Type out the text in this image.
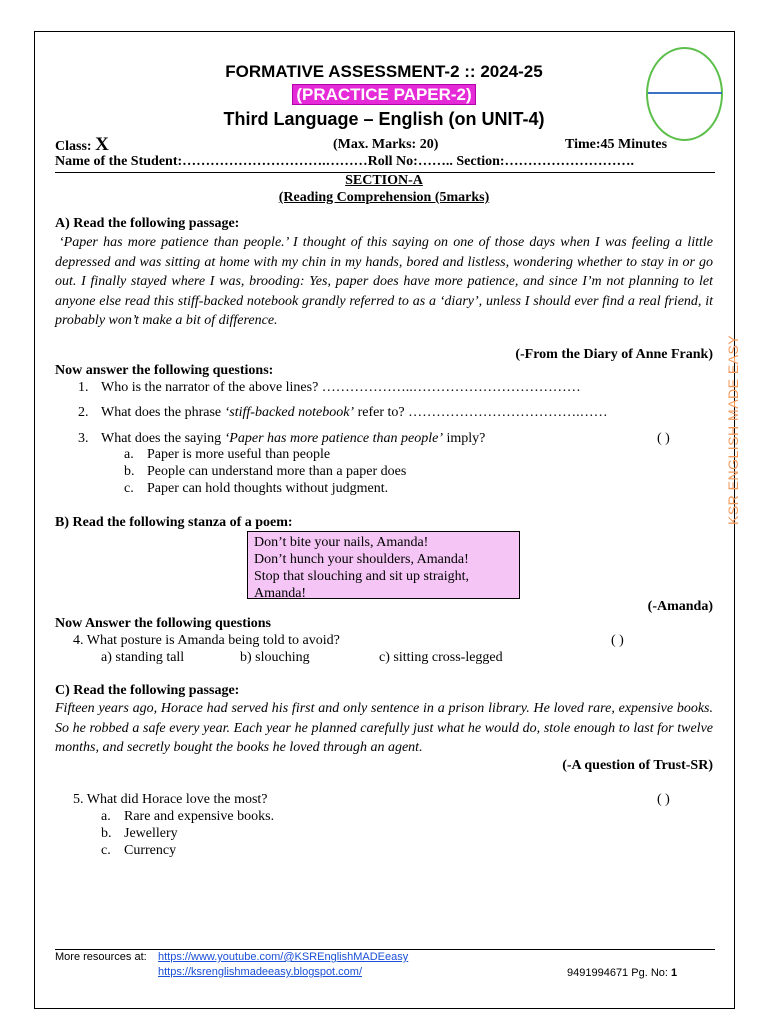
FORMATIVE ASSESSMENT-2 :: 2024-25
(PRACTICE PAPER-2)
Third Language – English (on UNIT-4)
Class: X	(Max. Marks: 20)	Time:45 Minutes
Name of the Student:………………………….………Roll No:…….. Section:……………………….
SECTION-A
(Reading Comprehension (5marks)
A) Read the following passage:
‘Paper has more patience than people.’ I thought of this saying on one of those days when I was feeling a little depressed and was sitting at home with my chin in my hands, bored and listless, wondering whether to stay in or go out. I finally stayed where I was, brooding: Yes, paper does have more patience, and since I’m not planning to let anyone else read this stiff-backed notebook grandly referred to as a ‘diary’, unless I should ever find a real friend, it probably won’t make a bit of difference.
(-From the Diary of Anne Frank)
Now answer the following questions:
1. Who is the narrator of the above lines? ………………..………………………………
2. What does the phrase ‘stiff-backed notebook’ refer to? ……………………………….……
3. What does the saying ‘Paper has more patience than people’ imply?	( )
a. Paper is more useful than people
b. People can understand more than a paper does
c. Paper can hold thoughts without judgment.
B) Read the following stanza of a poem:
Don’t bite your nails, Amanda!
Don’t hunch your shoulders, Amanda!
Stop that slouching and sit up straight,
Amanda!
(-Amanda)
Now Answer the following questions
4. What posture is Amanda being told to avoid?	( )
a) standing tall	b) slouching	c) sitting cross-legged
C) Read the following passage:
Fifteen years ago, Horace had served his first and only sentence in a prison library. He loved rare, expensive books. So he robbed a safe every year. Each year he planned carefully just what he would do, stole enough to last for twelve months, and secretly bought the books he loved through an agent.
(-A question of Trust-SR)
5. What did Horace love the most?	( )
a. Rare and expensive books.
b. Jewellery
c. Currency
KSR ENGLISH MADE EASY
More resources at: https://www.youtube.com/@KSREnglishMADEeasy
https://ksrenglishmadeeasy.blogspot.com/	9491994671 Pg. No: 1
